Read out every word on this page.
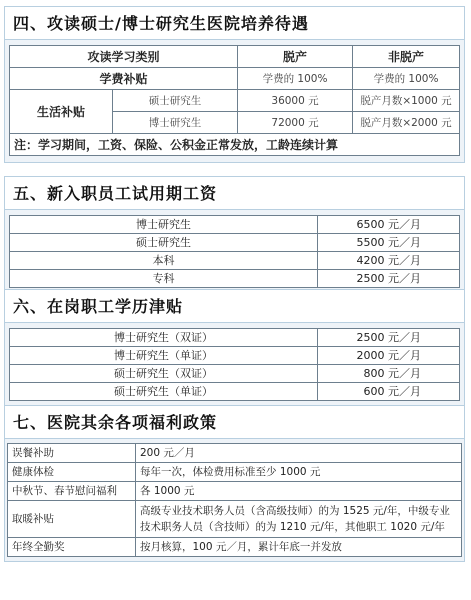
四、攻读硕士/博士研究生医院培养待遇
攻读学习类别		脱产	非脱产
学费补贴		学费的 100%	学费的 100%
生活补贴	硕士研究生	36000 元	脱产月数×1000 元
	博士研究生	72000 元	脱产月数×2000 元
注：学习期间，工资、保险、公积金正常发放，工龄连续计算			
五、新入职员工试用期工资
博士研究生	6500 元／月
硕士研究生	5500 元／月
本科	4200 元／月
专科	2500 元／月
六、在岗职工学历津贴
博士研究生（双证）	2500 元／月
博士研究生（单证）	2000 元／月
硕士研究生（双证）	800 元／月
硕士研究生（单证）	600 元／月
七、医院其余各项福利政策
误餐补助	200 元／月
健康体检	每年一次，体检费用标准至少 1000 元
中秋节、春节慰问福利	各 1000 元
取暖补贴	高级专业技术职务人员（含高级技师）的为 1525 元/年，中级专业技术职务人员（含技师）的为 1210 元/年，其他职工 1020 元/年
年终全勤奖	按月核算，100 元／月，累计年底一并发放
